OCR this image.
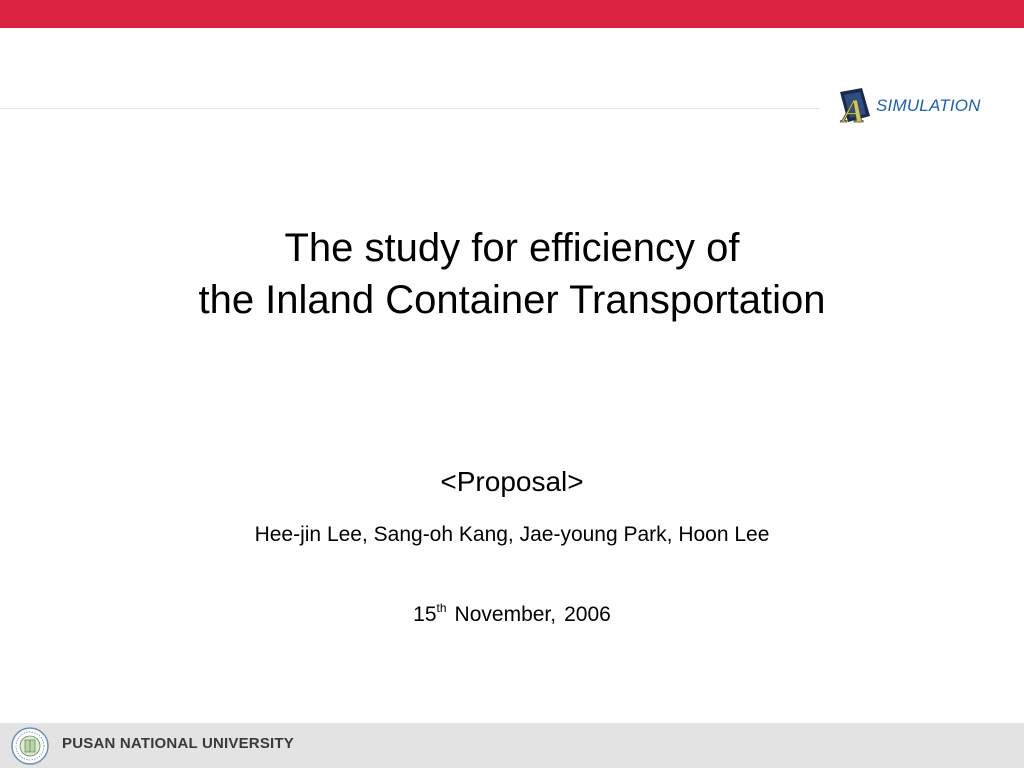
A SIMULATION
The study for efficiency of
the Inland Container Transportation
<Proposal>
Hee-jin Lee, Sang-oh Kang, Jae-young Park, Hoon Lee
15th November, 2006
PUSAN NATIONAL UNIVERSITY
